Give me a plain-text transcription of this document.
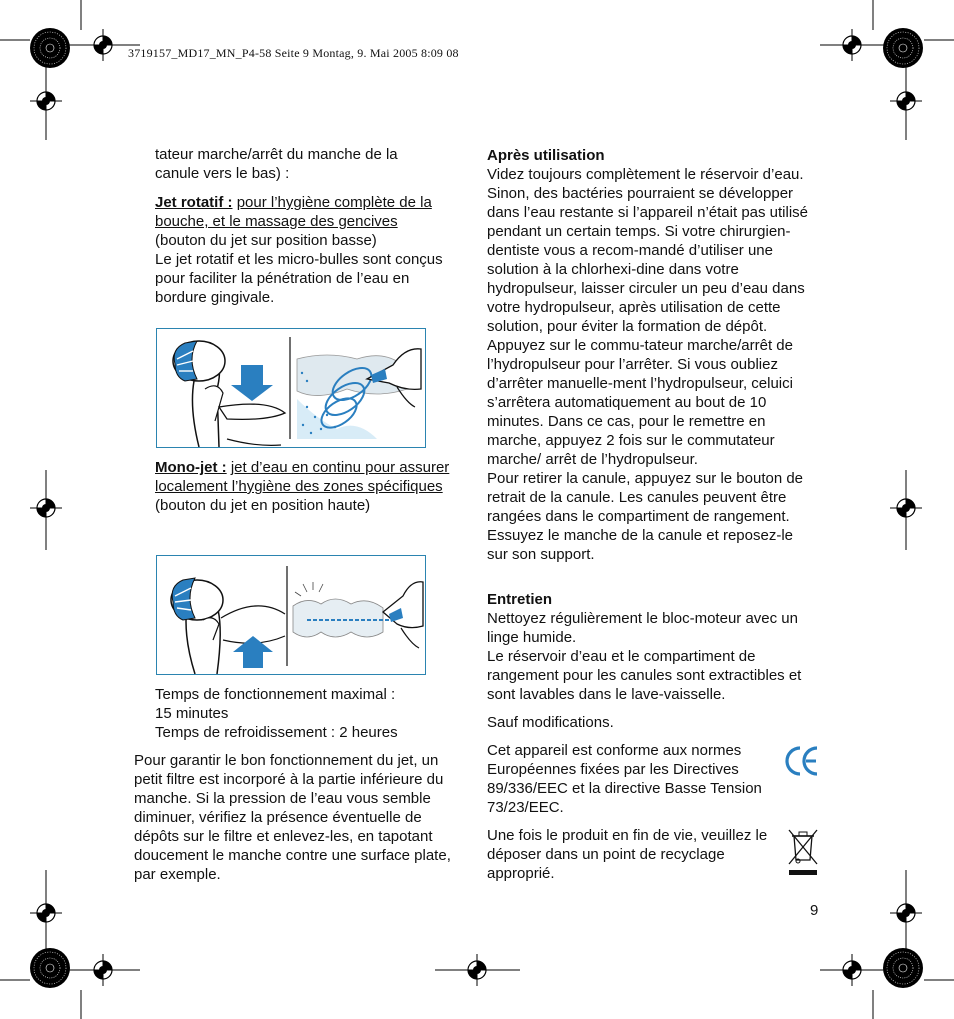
3719157_MD17_MN_P4-58 Seite 9 Montag, 9. Mai 2005 8:09 08
tateur marche/arrêt du manche de la canule vers le bas) :

Jet rotatif : pour l’hygiène complète de la bouche, et le massage des gencives

(bouton du jet sur position basse)

Le jet rotatif et les micro-bulles sont conçus pour faciliter la pénétration de l’eau en bordure gingivale.

Mono-jet : jet d’eau en continu pour assurer localement l’hygiène des zones spécifiques

(bouton du jet en position haute)

Temps de fonctionnement maximal :

15 minutes

Temps de refroidissement : 2 heures

Pour garantir le bon fonctionnement du jet, un petit filtre est incorporé à la partie inférieure du manche. Si la pression de l’eau vous semble diminuer, vérifiez la présence éventuelle de dépôts sur le filtre et enlevez-les, en tapotant doucement le manche contre une surface plate, par exemple.

Après utilisation

Videz toujours complètement le réservoir d’eau. Sinon, des bactéries pourraient se développer dans l’eau restante si l’appareil n’était pas utilisé pendant un certain temps. Si votre chirurgien-dentiste vous a recom-mandé d’utiliser une solution à la chlorhexi-dine dans votre hydropulseur, laisser circuler un peu d’eau dans votre hydropulseur, après utilisation de cette solution, pour éviter la formation de dépôt. Appuyez sur le commu-tateur marche/arrêt de l’hydropulseur pour l’arrêter. Si vous oubliez d’arrêter manuelle-ment l’hydropulseur, celuici s’arrêtera automatiquement au bout de 10 minutes. Dans ce cas, pour le remettre en marche, appuyez 2 fois sur le commutateur marche/ arrêt de l’hydropulseur.

Pour retirer la canule, appuyez sur le bouton de retrait de la canule. Les canules peuvent être rangées dans le compartiment de rangement. Essuyez le manche de la canule et reposez-le sur son support.

Entretien

Nettoyez régulièrement le bloc-moteur avec un linge humide.

Le réservoir d’eau et le compartiment de rangement pour les canules sont extractibles et sont lavables dans le lave-vaisselle.

Sauf modifications.
Cet appareil est conforme aux normes Européennes fixées par les Directives 89/336/EEC et la directive Basse Tension 73/23/EEC.
Une fois le produit en fin de vie, veuillez le déposer dans un point de recyclage approprié.
9
